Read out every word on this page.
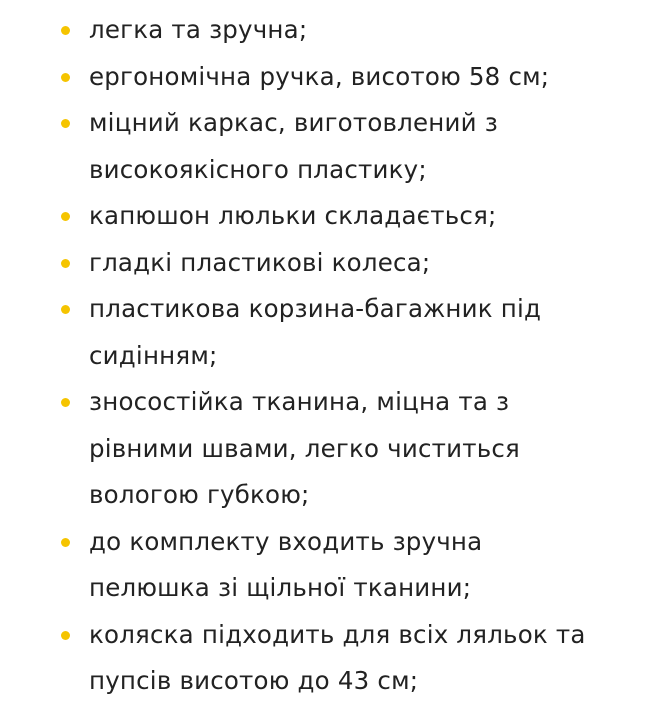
легка та зручна;
ергономічна ручка, висотою 58 см;
міцний каркас, виготовлений з
високоякісного пластику;
капюшон люльки складається;
гладкі пластикові колеса;
пластикова корзина-багажник під
сидінням;
зносостійка тканина, міцна та з
рівними швами, легко чиститься
вологою губкою;
до комплекту входить зручна
пелюшка зі щільної тканини;
коляска підходить для всіх ляльок та
пупсів висотою до 43 см;
